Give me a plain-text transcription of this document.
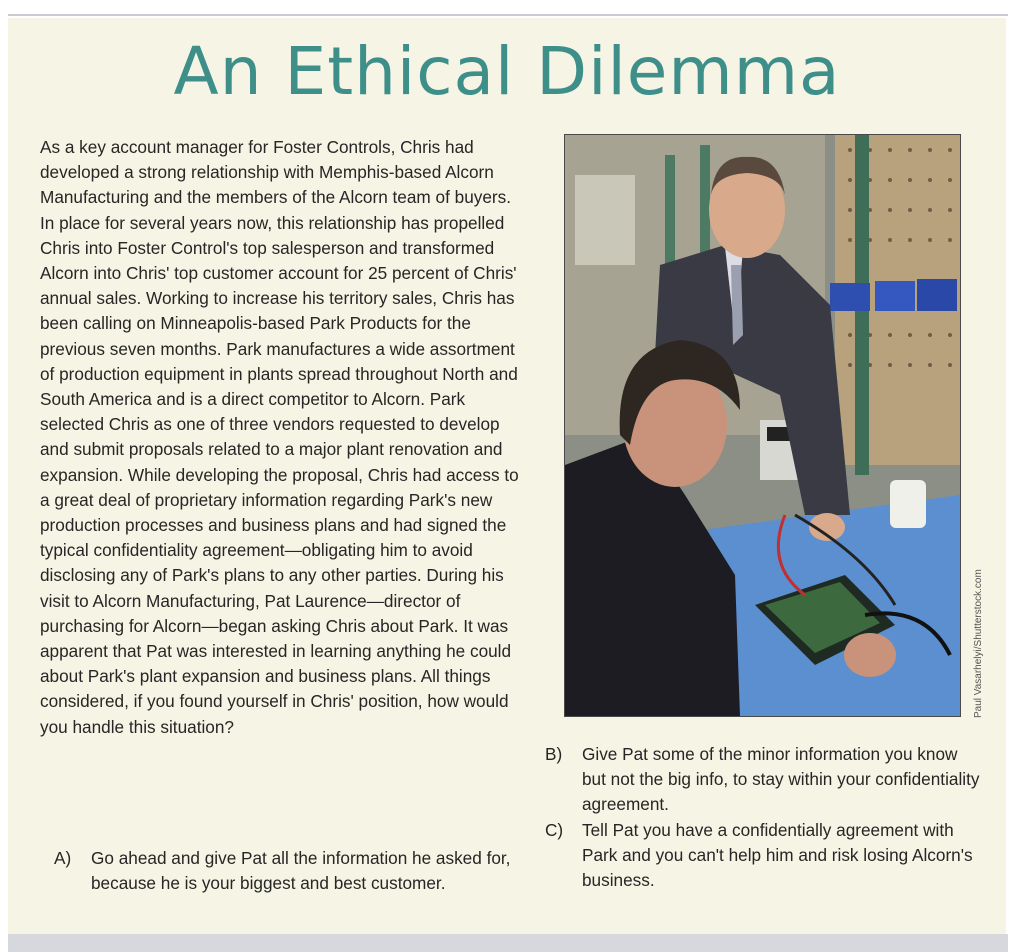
An Ethical Dilemma

As a key account manager for Foster Controls, Chris had developed a strong relationship with Memphis-based Alcorn Manufacturing and the members of the Alcorn team of buyers. In place for several years now, this relationship has propelled Chris into Foster Control's top salesperson and transformed Alcorn into Chris' top customer account for 25 percent of Chris' annual sales. Working to increase his territory sales, Chris has been calling on Minneapolis-based Park Products for the previous seven months. Park manufactures a wide assortment of production equipment in plants spread throughout North and South America and is a direct competitor to Alcorn. Park selected Chris as one of three vendors requested to develop and submit proposals related to a major plant renovation and expansion. While developing the proposal, Chris had access to a great deal of proprietary information regarding Park's new production processes and business plans and had signed the typical confidentiality agreement—obligating him to avoid disclosing any of Park's plans to any other parties. During his visit to Alcorn Manufacturing, Pat Laurence—director of purchasing for Alcorn—began asking Chris about Park. It was apparent that Pat was interested in learning anything he could about Park's plant expansion and business plans. All things considered, if you found yourself in Chris' position, how would you handle this situation?

A) Go ahead and give Pat all the information he asked for, because he is your biggest and best customer.
B) Give Pat some of the minor information you know but not the big info, to stay within your confidentiality agreement.
C) Tell Pat you have a confidentially agreement with Park and you can't help him and risk losing Alcorn's business.
Paul Vasarhelyi/Shutterstock.com
